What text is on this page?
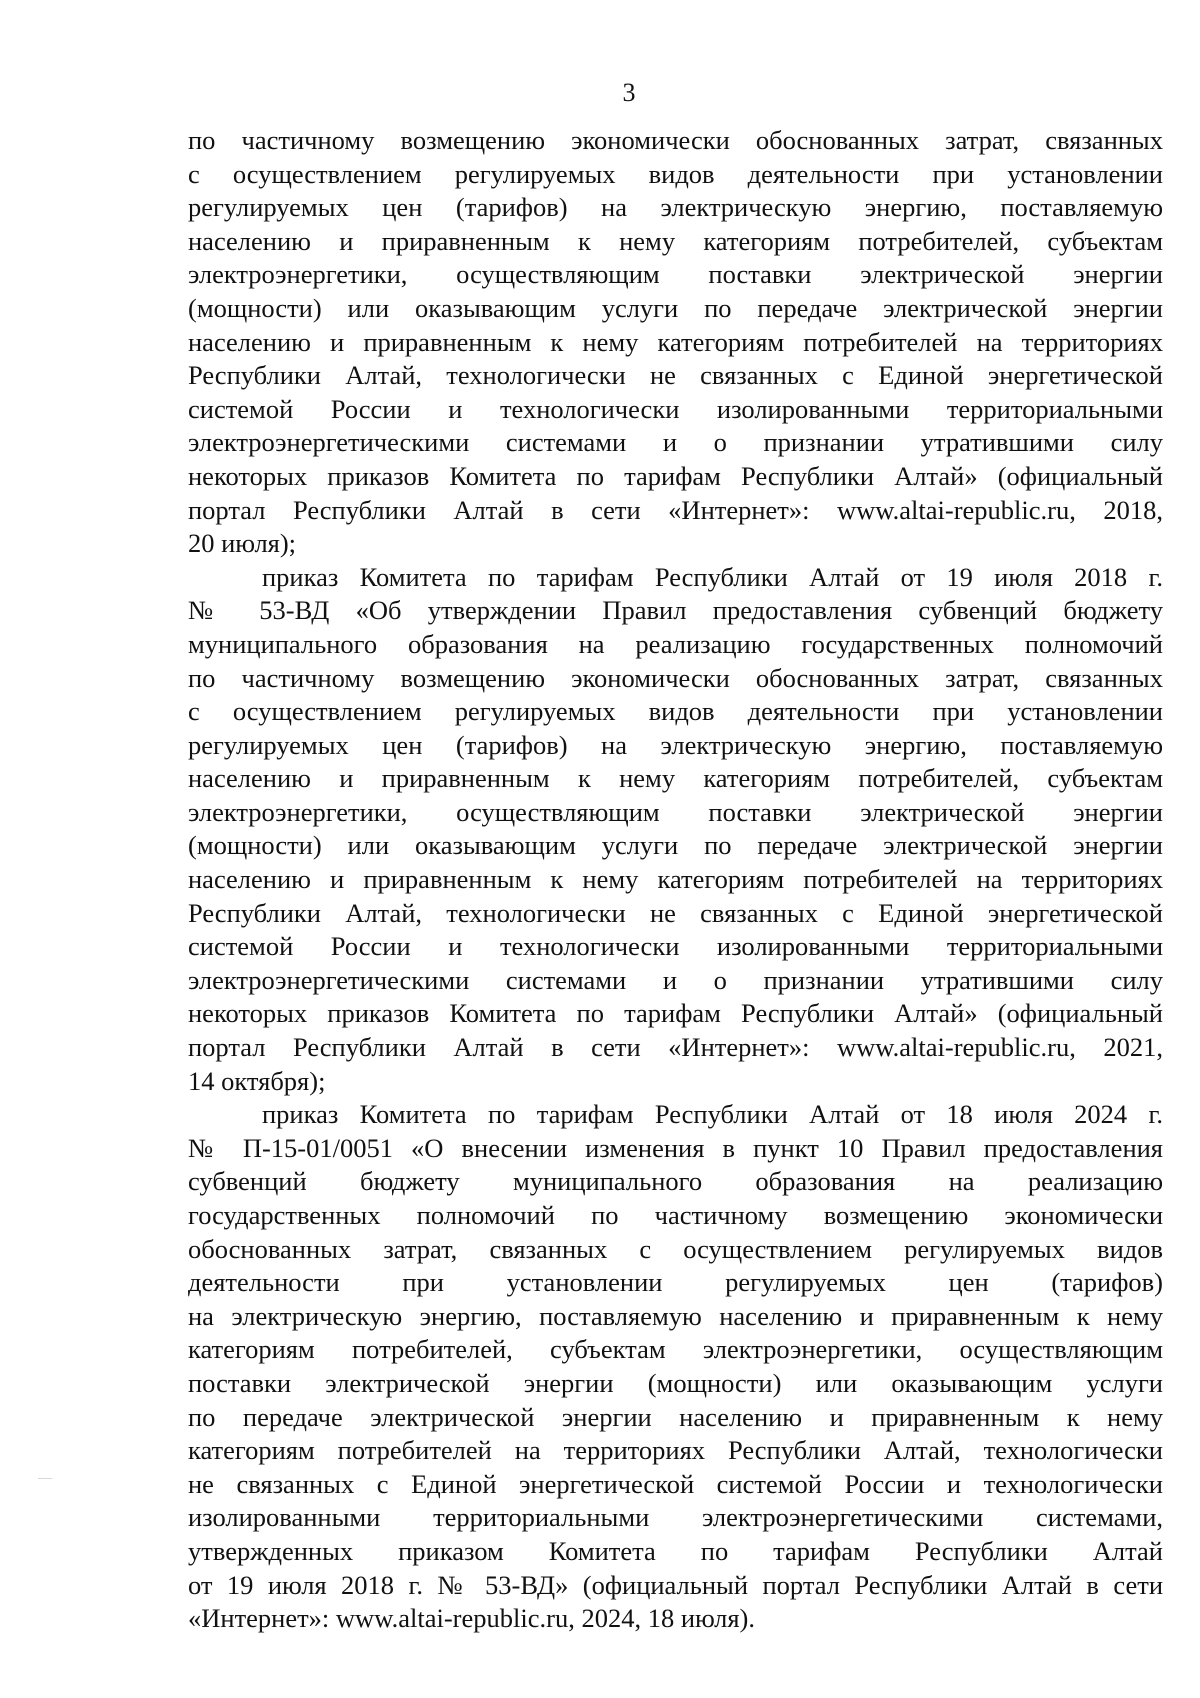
3
по частичному возмещению экономически обоснованных затрат, связанных
с осуществлением регулируемых видов деятельности при установлении
регулируемых цен (тарифов) на электрическую энергию, поставляемую
населению и приравненным к нему категориям потребителей, субъектам
электроэнергетики, осуществляющим поставки электрической энергии
(мощности) или оказывающим услуги по передаче электрической энергии
населению и приравненным к нему категориям потребителей на территориях
Республики Алтай, технологически не связанных с Единой энергетической
системой России и технологически изолированными территориальными
электроэнергетическими системами и о признании утратившими силу
некоторых приказов Комитета по тарифам Республики Алтай» (официальный
портал Республики Алтай в сети «Интернет»: www.altai-republic.ru, 2018,
20 июля);
приказ Комитета по тарифам Республики Алтай от 19 июля 2018 г.
№ 53-ВД «Об утверждении Правил предоставления субвенций бюджету
муниципального образования на реализацию государственных полномочий
по частичному возмещению экономически обоснованных затрат, связанных
с осуществлением регулируемых видов деятельности при установлении
регулируемых цен (тарифов) на электрическую энергию, поставляемую
населению и приравненным к нему категориям потребителей, субъектам
электроэнергетики, осуществляющим поставки электрической энергии
(мощности) или оказывающим услуги по передаче электрической энергии
населению и приравненным к нему категориям потребителей на территориях
Республики Алтай, технологически не связанных с Единой энергетической
системой России и технологически изолированными территориальными
электроэнергетическими системами и о признании утратившими силу
некоторых приказов Комитета по тарифам Республики Алтай» (официальный
портал Республики Алтай в сети «Интернет»: www.altai-republic.ru, 2021,
14 октября);
приказ Комитета по тарифам Республики Алтай от 18 июля 2024 г.
№ П-15-01/0051 «О внесении изменения в пункт 10 Правил предоставления
субвенций бюджету муниципального образования на реализацию
государственных полномочий по частичному возмещению экономически
обоснованных затрат, связанных с осуществлением регулируемых видов
деятельности при установлении регулируемых цен (тарифов)
на электрическую энергию, поставляемую населению и приравненным к нему
категориям потребителей, субъектам электроэнергетики, осуществляющим
поставки электрической энергии (мощности) или оказывающим услуги
по передаче электрической энергии населению и приравненным к нему
категориям потребителей на территориях Республики Алтай, технологически
не связанных с Единой энергетической системой России и технологически
изолированными территориальными электроэнергетическими системами,
утвержденных приказом Комитета по тарифам Республики Алтай
от 19 июля 2018 г. № 53-ВД» (официальный портал Республики Алтай в сети
«Интернет»: www.altai-republic.ru, 2024, 18 июля).
